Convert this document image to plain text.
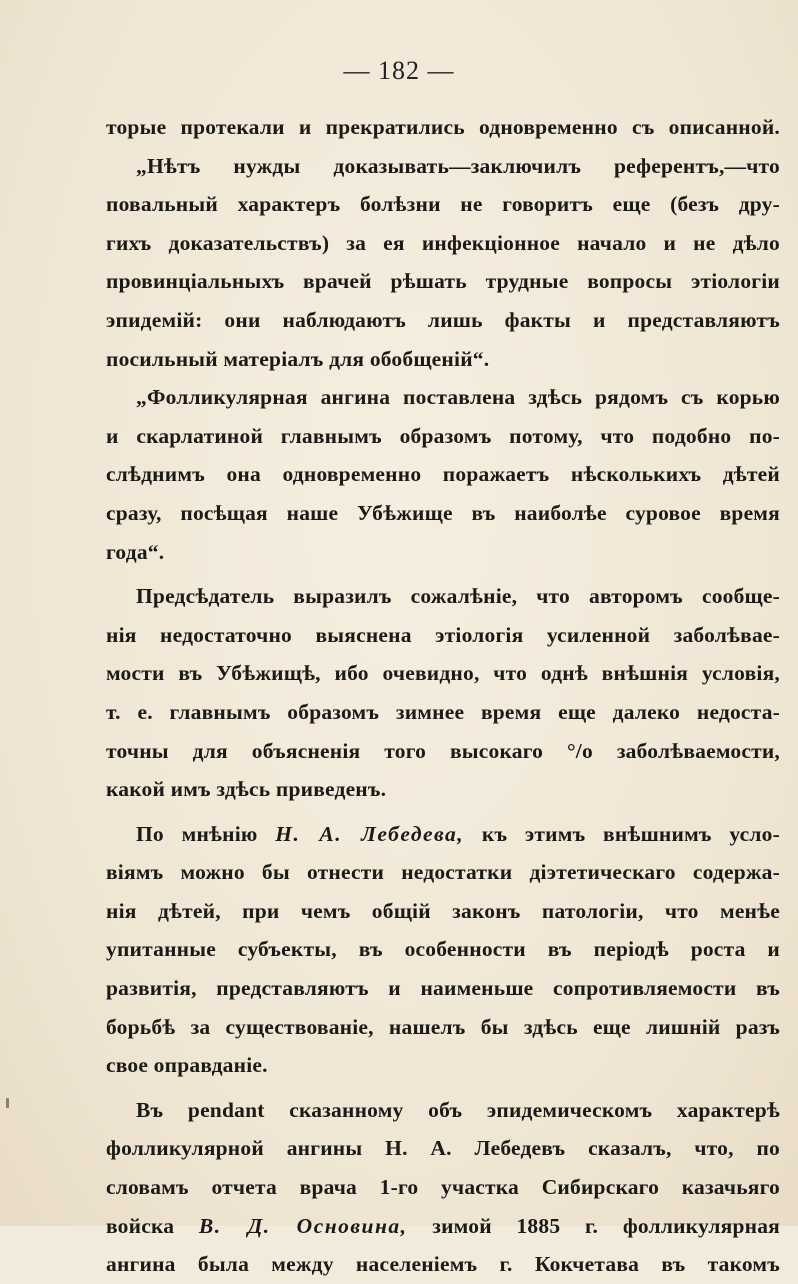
— 182 —
торые протекали и прекратились одновременно съ описанной.
„Нѣтъ нужды доказывать—заключилъ референтъ,—что
повальный характеръ болѣзни не говоритъ еще (безъ дру-
гихъ доказательствъ) за ея инфекціонное начало и не дѣло
провинціальныхъ врачей рѣшать трудные вопросы этіологіи
эпидемій: они наблюдаютъ лишь факты и представляютъ
посильный матеріалъ для обобщеній“.
„Фолликулярная ангина поставлена здѣсь рядомъ съ корью
и скарлатиной главнымъ образомъ потому, что подобно по-
слѣднимъ она одновременно поражаетъ нѣсколькихъ дѣтей
сразу, посѣщая наше Убѣжище въ наиболѣе суровое время
года“.
Предсѣдатель выразилъ сожалѣніе, что авторомъ сообще-
нія недостаточно выяснена этіологія усиленной заболѣвае-
мости въ Убѣжищѣ, ибо очевидно, что однѣ внѣшнія условія,
т. е. главнымъ образомъ зимнее время еще далеко недоста-
точны для объясненія того высокаго °/о заболѣваемости,
какой имъ здѣсь приведенъ.
По мнѣнію Н. А. Лебедева, къ этимъ внѣшнимъ усло-
віямъ можно бы отнести недостатки діэтетическаго содержа-
нія дѣтей, при чемъ общій законъ патологіи, что менѣе
упитанные субъекты, въ особенности въ періодѣ роста и
развитія, представляютъ и наименьше сопротивляемости въ
борьбѣ за существованіе, нашелъ бы здѣсь еще лишній разъ
свое оправданіе.
Въ pendant сказанному объ эпидемическомъ характерѣ
фолликулярной ангины Н. А. Лебедевъ сказалъ, что, по
словамъ отчета врача 1-го участка Сибирскаго казачьяго
войска В. Д. Основина, зимой 1885 г. фолликулярная
ангина была между населеніемъ г. Кокчетава въ такомъ
